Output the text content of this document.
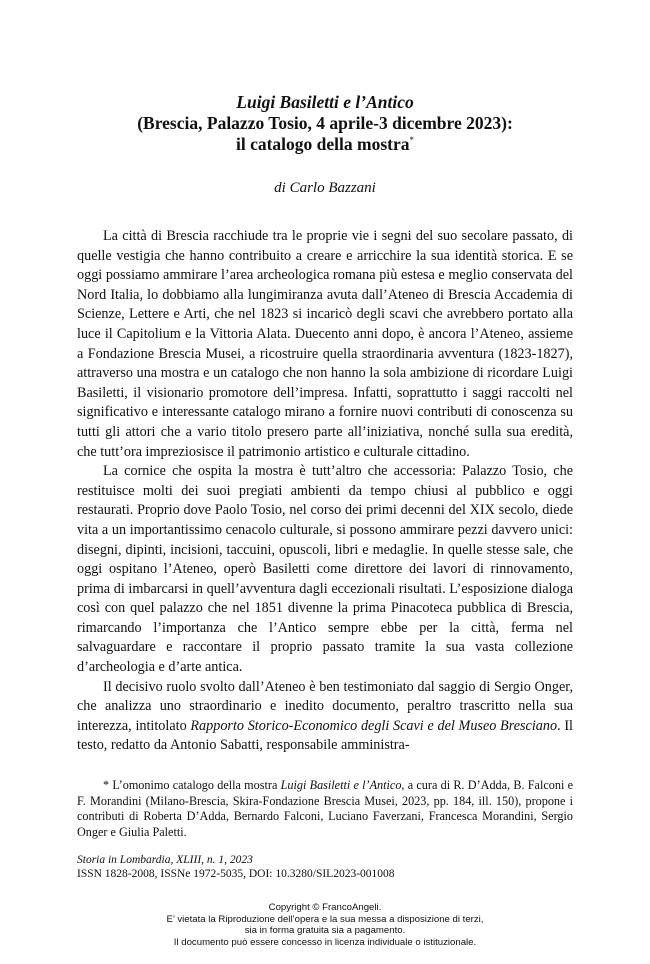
Luigi Basiletti e l’Antico
(Brescia, Palazzo Tosio, 4 aprile-3 dicembre 2023):
il catalogo della mostra*
di Carlo Bazzani

La città di Brescia racchiude tra le proprie vie i segni del suo secolare passato, di quelle vestigia che hanno contribuito a creare e arricchire la sua identità storica. E se oggi possiamo ammirare l’area archeologica romana più estesa e meglio conservata del Nord Italia, lo dobbiamo alla lungimiranza avuta dall’Ateneo di Brescia Accademia di Scienze, Lettere e Arti, che nel 1823 si incaricò degli scavi che avrebbero portato alla luce il Capitolium e la Vittoria Alata. Duecento anni dopo, è ancora l’Ateneo, assieme a Fondazione Brescia Musei, a ricostruire quella straordinaria avventura (1823-1827), attraverso una mostra e un catalogo che non hanno la sola ambizione di ricordare Luigi Basiletti, il visionario promotore dell’impresa. Infatti, soprattutto i saggi raccolti nel significativo e interessante catalogo mirano a fornire nuovi contributi di conoscenza su tutti gli attori che a vario titolo presero parte all’iniziativa, nonché sulla sua eredità, che tutt’ora impreziosisce il patrimonio artistico e culturale cittadino.

La cornice che ospita la mostra è tutt’altro che accessoria: Palazzo Tosio, che restituisce molti dei suoi pregiati ambienti da tempo chiusi al pubblico e oggi restaurati. Proprio dove Paolo Tosio, nel corso dei primi decenni del XIX secolo, diede vita a un importantissimo cenacolo culturale, si possono ammirare pezzi davvero unici: disegni, dipinti, incisioni, taccuini, opuscoli, libri e medaglie. In quelle stesse sale, che oggi ospitano l’Ateneo, operò Basiletti come direttore dei lavori di rinnovamento, prima di imbarcarsi in quell’avventura dagli eccezionali risultati. L’esposizione dialoga così con quel palazzo che nel 1851 divenne la prima Pinacoteca pubblica di Brescia, rimarcando l’importanza che l’Antico sempre ebbe per la città, ferma nel salvaguardare e raccontare il proprio passato tramite la sua vasta collezione d’archeologia e d’arte antica.

Il decisivo ruolo svolto dall’Ateneo è ben testimoniato dal saggio di Sergio Onger, che analizza uno straordinario e inedito documento, peraltro trascritto nella sua interezza, intitolato Rapporto Storico-Economico degli Scavi e del Museo Bresciano. Il testo, redatto da Antonio Sabatti, responsabile amministra-

* L’omonimo catalogo della mostra Luigi Basiletti e l’Antico, a cura di R. D’Adda, B. Falconi e F. Morandini (Milano-Brescia, Skira-Fondazione Brescia Musei, 2023, pp. 184, ill. 150), propone i contributi di Roberta D’Adda, Bernardo Falconi, Luciano Faverzani, Francesca Morandini, Sergio Onger e Giulia Paletti.

Storia in Lombardia, XLIII, n. 1, 2023
ISSN 1828-2008, ISSNe 1972-5035, DOI: 10.3280/SIL2023-001008
Copyright © FrancoAngeli.
E’ vietata la Riproduzione dell’opera e la sua messa a disposizione di terzi,
sia in forma gratuita sia a pagamento.
Il documento può essere concesso in licenza individuale o istituzionale.
